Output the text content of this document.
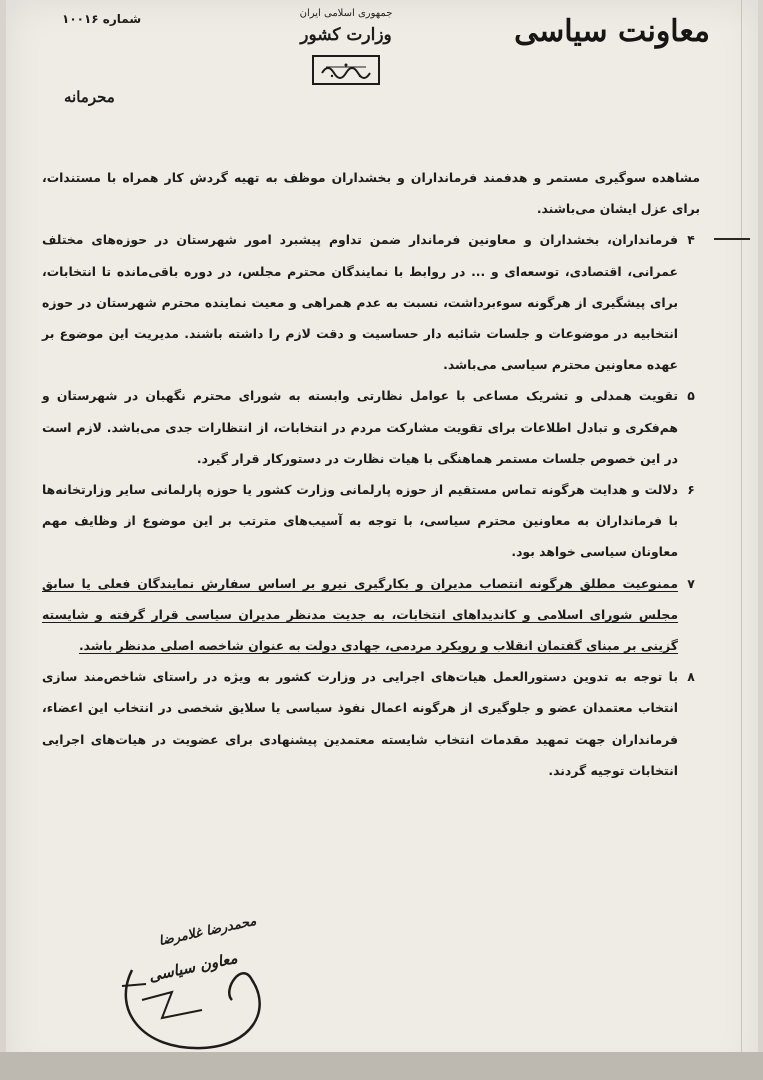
معاونت سیاسی
جمهوری اسلامی ایران
وزارت کشور
شماره ۱۰۰۱۶
محرمانه

مشاهده سوگیری مستمر و هدفمند فرمانداران و بخشداران موظف به تهیه گردش کار همراه با مستندات، برای عزل ایشان می‌باشند.

۴
فرمانداران، بخشداران و معاونین فرماندار ضمن تداوم پیشبرد امور شهرستان در حوزه‌های مختلف عمرانی، اقتصادی، توسعه‌ای و ... در روابط با نمایندگان محترم مجلس، در دوره باقی‌مانده تا انتخابات، برای پیشگیری از هرگونه سوءبرداشت، نسبت به عدم همراهی و معیت نماینده محترم شهرستان در حوزه انتخابیه در موضوعات و جلسات شائبه دار حساسیت و دقت لازم را داشته باشند. مدیریت این موضوع بر عهده معاونین محترم سیاسی می‌باشد.
۵
تقویت همدلی و تشریک مساعی با عوامل نظارتی وابسته به شورای محترم نگهبان در شهرستان و هم‌فکری و تبادل اطلاعات برای تقویت مشارکت مردم در انتخابات، از انتظارات جدی می‌باشد. لازم است در این خصوص جلسات مستمر هماهنگی با هیات نظارت در دستورکار قرار گیرد.
۶
دلالت و هدایت هرگونه تماس مستقیم از حوزه پارلمانی وزارت کشور یا حوزه پارلمانی سایر وزارتخانه‌ها با فرمانداران به معاونین محترم سیاسی، با توجه به آسیب‌های مترتب بر این موضوع از وظایف مهم معاونان سیاسی خواهد بود.
۷
ممنوعیت مطلق هرگونه انتصاب مدیران و بکارگیری نیرو بر اساس سفارش نمایندگان فعلی یا سابق مجلس شورای اسلامی و کاندیداهای انتخابات، به جدیت مدنظر مدیران سیاسی قرار گرفته و شایسته گزینی بر مبنای گفتمان انقلاب و رویکرد مردمی، جهادی دولت به عنوان شاخصه اصلی مدنظر باشد.
۸
با توجه به تدوین دستورالعمل هیات‌های اجرایی در وزارت کشور به ویژه در راستای شاخص‌مند سازی انتخاب معتمدان عضو و جلوگیری از هرگونه اعمال نفوذ سیاسی یا سلایق شخصی در انتخاب این اعضاء، فرمانداران جهت تمهید مقدمات انتخاب شایسته معتمدین پیشنهادی برای عضویت در هیات‌های اجرایی انتخابات توجیه گردند.
محمدرضا غلامرضا
معاون سیاسی
